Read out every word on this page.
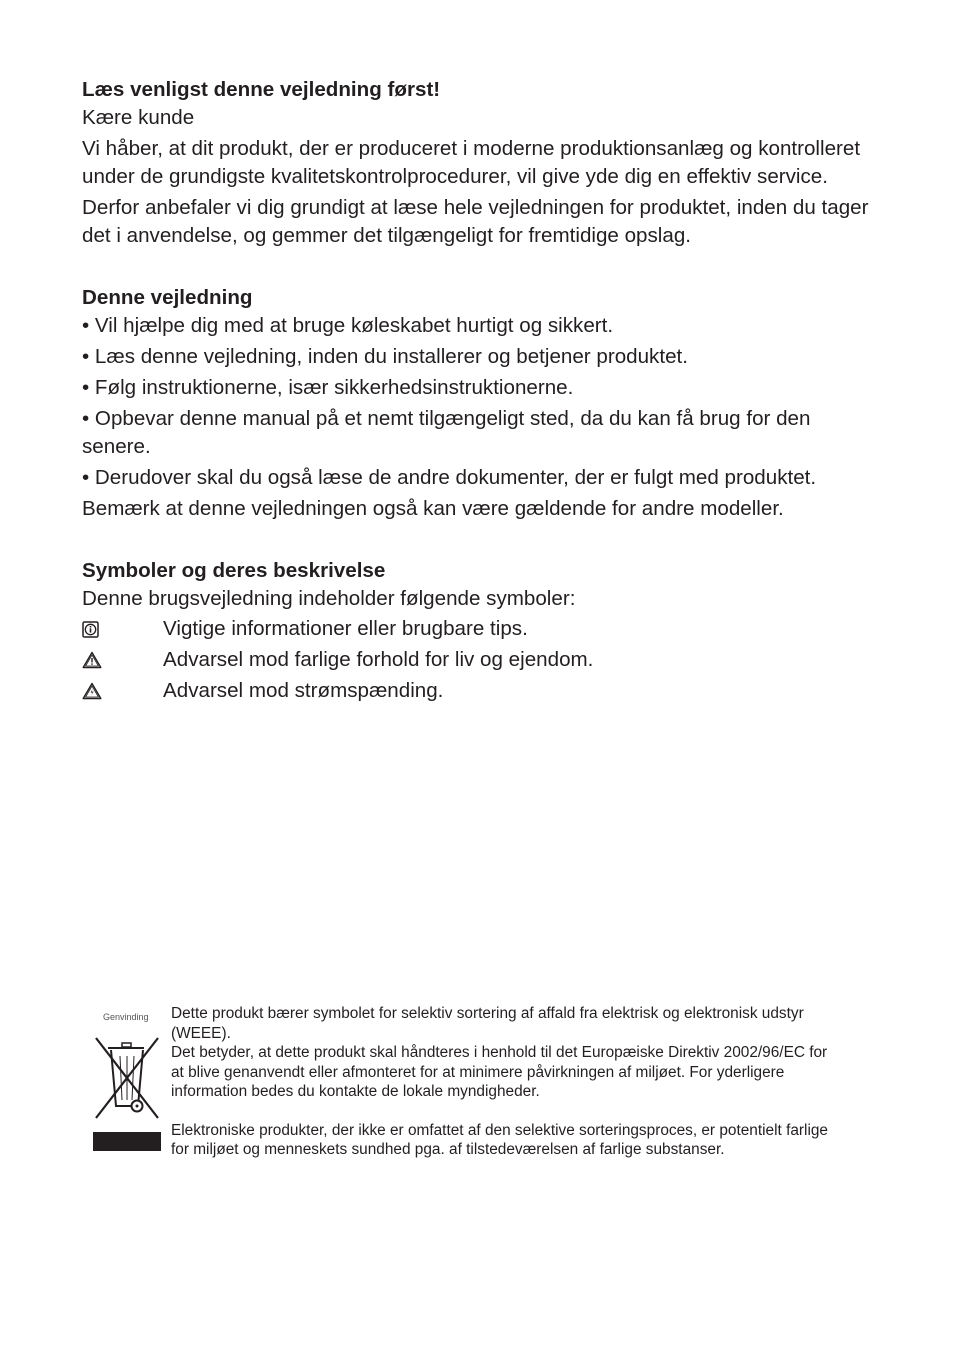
Læs venligst denne vejledning først!

Kære kunde

Vi håber, at dit produkt, der er produceret i moderne produktionsanlæg og kontrolleret under de grundigste kvalitetskontrolprocedurer, vil give yde dig en effektiv service.

Derfor anbefaler vi dig grundigt at læse hele vejledningen for produktet, inden du tager det i anvendelse, og gemmer det tilgængeligt for fremtidige opslag.

Denne vejledning

• Vil hjælpe dig med at bruge køleskabet hurtigt og sikkert.

• Læs denne vejledning, inden du installerer og betjener produktet.

• Følg instruktionerne, især sikkerhedsinstruktionerne.

• Opbevar denne manual på et nemt tilgængeligt sted, da du kan få brug for den senere.

• Derudover skal du også læse de andre dokumenter, der er fulgt med produktet.

Bemærk at denne vejledningen også kan være gældende for andre modeller.

Symboler og deres beskrivelse

Denne brugsvejledning indeholder følgende symboler:

Vigtige informationer eller brugbare tips.
Advarsel mod farlige forhold for liv og ejendom.
Advarsel mod strømspænding.
Genvinding Dette produkt bærer symbolet for selektiv sortering af affald fra elektrisk og elektronisk udstyr (WEEE).

Det betyder, at dette produkt skal håndteres i henhold til det Europæiske Direktiv 2002/96/EC for at blive genanvendt eller afmonteret for at minimere påvirkningen af miljøet. For yderligere information bedes du kontakte de lokale myndigheder.

Elektroniske produkter, der ikke er omfattet af den selektive sorteringsproces, er potentielt farlige for miljøet og menneskets sundhed pga. af tilstedeværelsen af farlige substanser.
